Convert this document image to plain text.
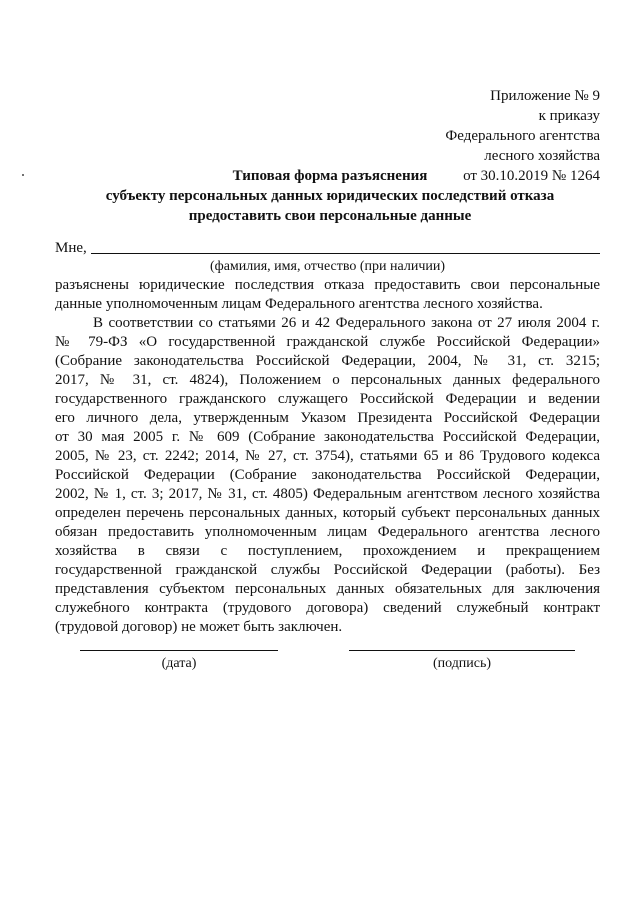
Приложение № 9
к приказу
Федерального агентства
лесного хозяйства
от 30.10.2019 № 1264
Типовая форма разъяснения
субъекту персональных данных юридических последствий отказа
предоставить свои персональные данные
Мне,
(фамилия, имя, отчество (при наличии)
разъяснены юридические последствия отказа предоставить свои персональные
данные уполномоченным лицам Федерального агентства лесного хозяйства.
В соответствии со статьями 26 и 42 Федерального закона от 27 июля 2004 г.
№ 79-ФЗ «О государственной гражданской службе Российской Федерации»
(Собрание законодательства Российской Федерации, 2004, № 31, ст. 3215;
2017, № 31, ст. 4824), Положением о персональных данных федерального
государственного гражданского служащего Российской Федерации и ведении
его личного дела, утвержденным Указом Президента Российской Федерации
от 30 мая 2005 г. № 609 (Собрание законодательства Российской Федерации,
2005, № 23, ст. 2242; 2014, № 27, ст. 3754), статьями 65 и 86 Трудового кодекса
Российской Федерации (Собрание законодательства Российской Федерации,
2002, № 1, ст. 3; 2017, № 31, ст. 4805) Федеральным агентством лесного хозяйства
определен перечень персональных данных, который субъект персональных данных
обязан предоставить уполномоченным лицам Федерального агентства лесного
хозяйства в связи с поступлением, прохождением и прекращением
государственной гражданской службы Российской Федерации (работы). Без
представления субъектом персональных данных обязательных для заключения
служебного контракта (трудового договора) сведений служебный контракт
(трудовой договор) не может быть заключен.
(дата)	(подпись)
